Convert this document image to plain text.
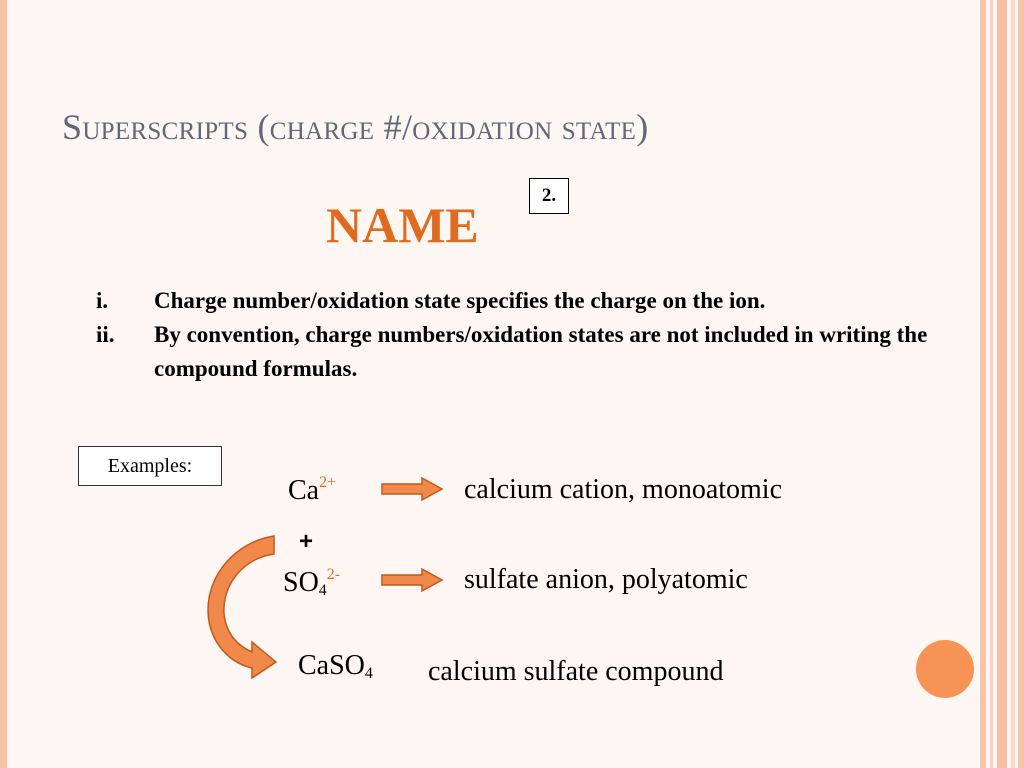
Superscripts (charge #/oxidation state)
NAME
2.
i. Charge number/oxidation state specifies the charge on the ion.
ii. By convention, charge numbers/oxidation states are not included in writing the compound formulas.
Examples:
$Ca^{2+}$	calcium cation, monoatomic
+
$SO_4^{2-}$	sulfate anion, polyatomic
CaSO$_4$ calcium sulfate compound
